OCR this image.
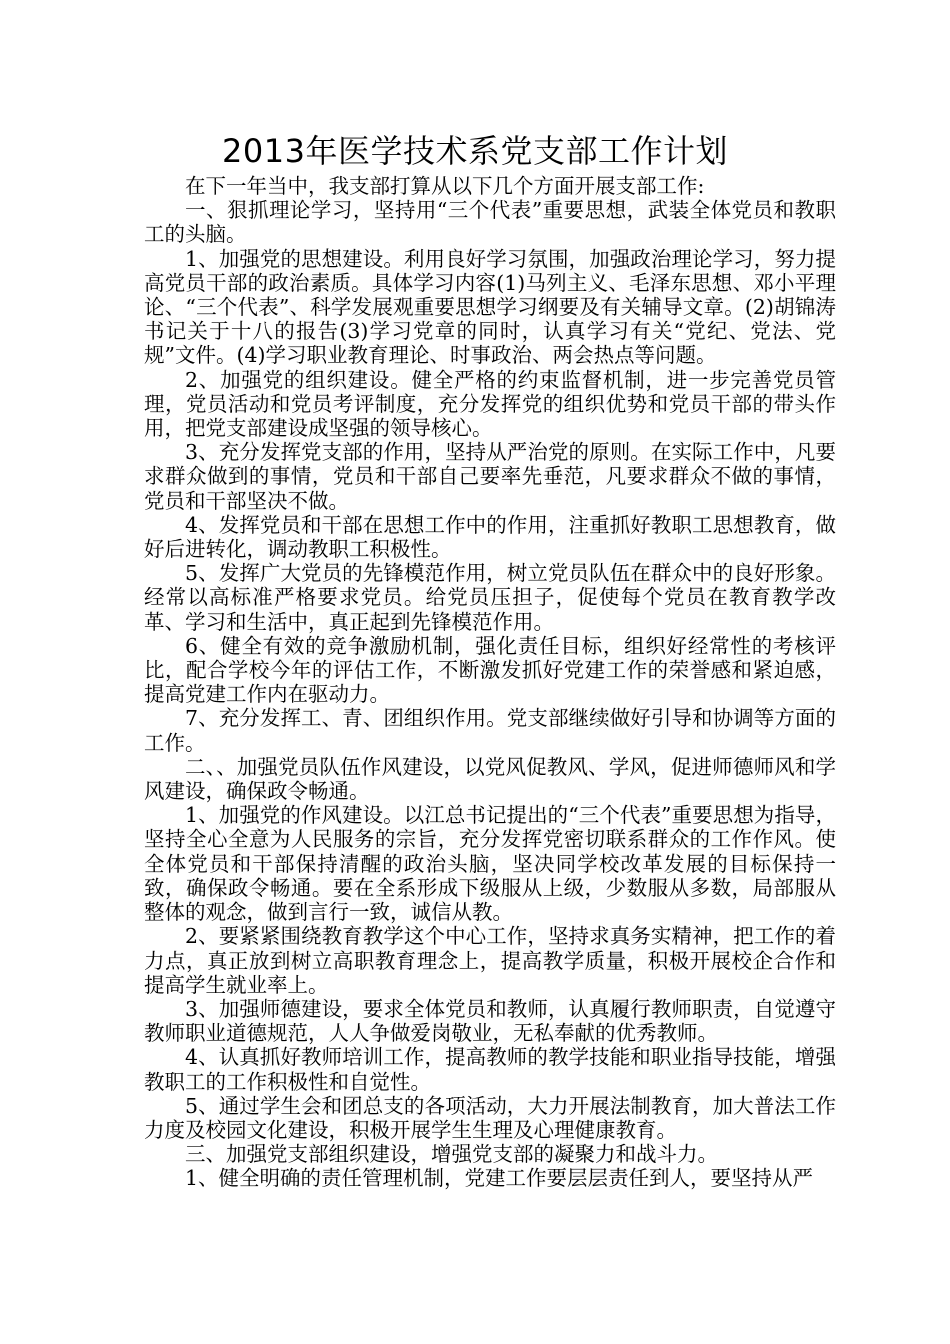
2013年医学技术系党支部工作计划

在下一年当中，我支部打算从以下几个方面开展支部工作:

一、狠抓理论学习，坚持用“三个代表”重要思想，武装全体党员和教职工的头脑。

1、加强党的思想建设。利用良好学习氛围，加强政治理论学习，努力提高党员干部的政治素质。具体学习内容(1)马列主义、毛泽东思想、邓小平理论、“三个代表”、科学发展观重要思想学习纲要及有关辅导文章。(2)胡锦涛书记关于十八的报告(3)学习党章的同时，认真学习有关“党纪、党法、党规”文件。(4)学习职业教育理论、时事政治、两会热点等问题。

2、加强党的组织建设。健全严格的约束监督机制，进一步完善党员管理，党员活动和党员考评制度，充分发挥党的组织优势和党员干部的带头作用，把党支部建设成坚强的领导核心。

3、充分发挥党支部的作用，坚持从严治党的原则。在实际工作中，凡要求群众做到的事情，党员和干部自己要率先垂范，凡要求群众不做的事情，党员和干部坚决不做。

4、发挥党员和干部在思想工作中的作用，注重抓好教职工思想教育，做好后进转化，调动教职工积极性。

5、发挥广大党员的先锋模范作用，树立党员队伍在群众中的良好形象。经常以高标准严格要求党员。给党员压担子，促使每个党员在教育教学改革、学习和生活中，真正起到先锋模范作用。

6、健全有效的竞争激励机制，强化责任目标，组织好经常性的考核评比，配合学校今年的评估工作，不断激发抓好党建工作的荣誉感和紧迫感，提高党建工作内在驱动力。

7、充分发挥工、青、团组织作用。党支部继续做好引导和协调等方面的工作。

二、、加强党员队伍作风建设，以党风促教风、学风，促进师德师风和学风建设，确保政令畅通。

1、加强党的作风建设。以江总书记提出的“三个代表”重要思想为指导，坚持全心全意为人民服务的宗旨，充分发挥党密切联系群众的工作作风。使全体党员和干部保持清醒的政治头脑，坚决同学校改革发展的目标保持一致，确保政令畅通。要在全系形成下级服从上级，少数服从多数，局部服从整体的观念，做到言行一致，诚信从教。

2、要紧紧围绕教育教学这个中心工作，坚持求真务实精神，把工作的着力点，真正放到树立高职教育理念上，提高教学质量，积极开展校企合作和提高学生就业率上。

3、加强师德建设，要求全体党员和教师，认真履行教师职责，自觉遵守教师职业道德规范，人人争做爱岗敬业，无私奉献的优秀教师。

4、认真抓好教师培训工作，提高教师的教学技能和职业指导技能，增强教职工的工作积极性和自觉性。

5、通过学生会和团总支的各项活动，大力开展法制教育，加大普法工作力度及校园文化建设，积极开展学生生理及心理健康教育。

三、加强党支部组织建设，增强党支部的凝聚力和战斗力。

1、健全明确的责任管理机制，党建工作要层层责任到人，要坚持从严
